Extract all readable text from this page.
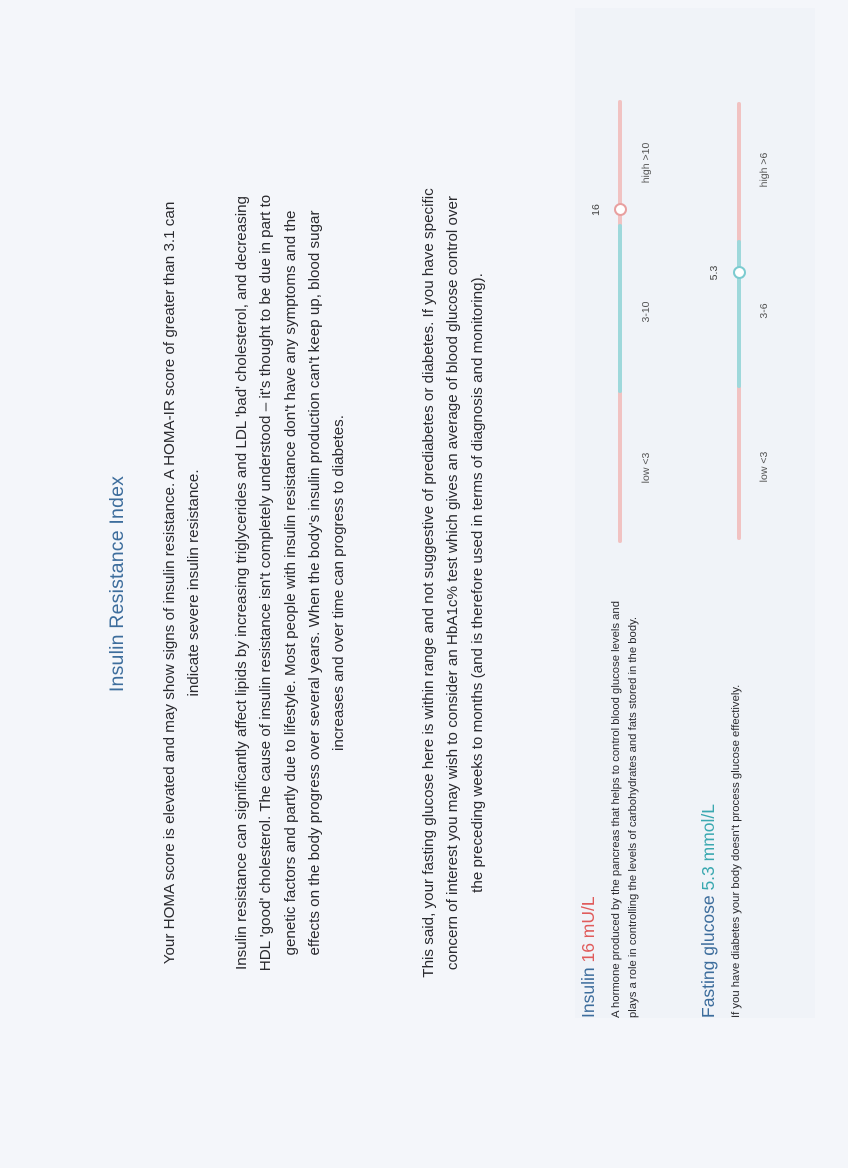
Insulin Resistance Index Your HOMA score is elevated and may show signs of insulin resistance. A HOMA-IR score of greater than 3.1 can indicate severe insulin resistance. Insulin resistance can significantly affect lipids by increasing triglycerides and LDL 'bad' cholesterol, and decreasing HDL 'good' cholesterol. The cause of insulin resistance isn't completely understood – it's thought to be due in part to genetic factors and partly due to lifestyle. Most people with insulin resistance don't have any symptoms and the effects on the body progress over several years. When the body's insulin production can't keep up, blood sugar increases and over time can progress to diabetes.	This said, your fasting glucose here is within range and not suggestive of prediabetes or diabetes. If you have specific concern of interest you may wish to consider an HbA1c% test which gives an average of blood glucose control over the preceding weeks to months (and is therefore used in terms of diagnosis and monitoring).
Insulin 16 mU/L A hormone produced by the pancreas that helps to control blood glucose levels and plays a role in controlling the levels of carbohydrates and fats stored in the body.
16
low <3
3-10
high >10
Fasting glucose 5.3 mmol/L If you have diabetes your body doesn't process glucose effectively.
5.3
low <3
3-6
high >6
